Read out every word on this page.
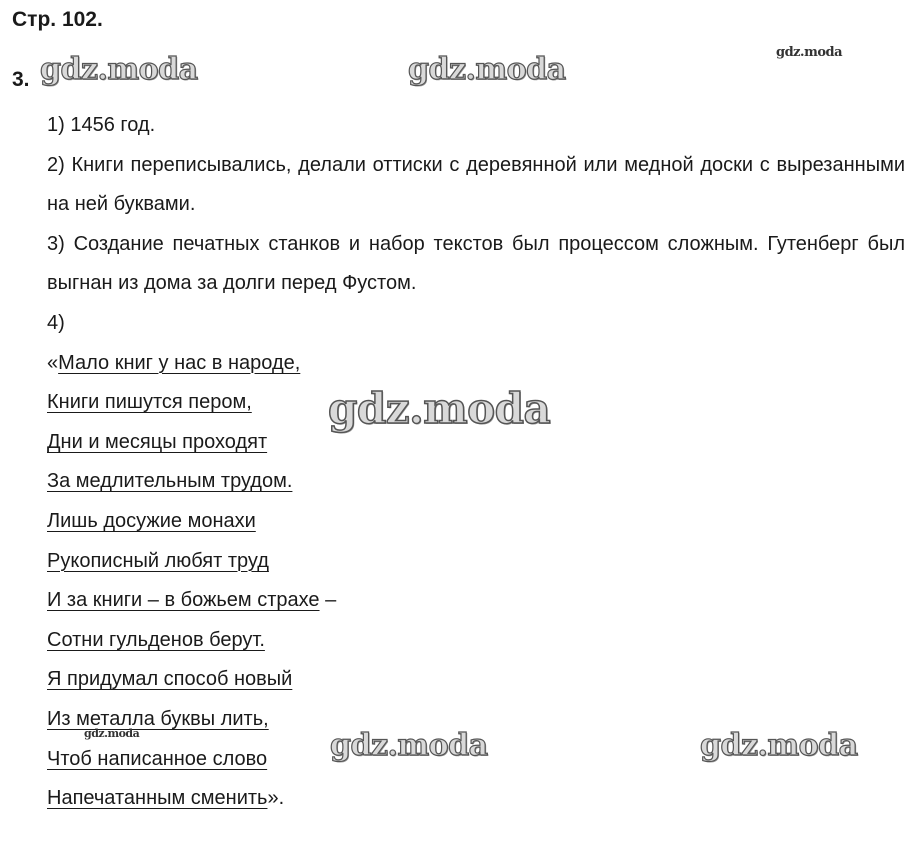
Стр. 102.
3.

1) 1456 год.

2) Книги переписывались, делали оттиски с деревянной или медной доски с вырезанными на ней буквами.

3) Создание печатных станков и набор текстов был процессом сложным. Гутенберг был выгнан из дома за долги перед Фустом.

4)

«Мало книг у нас в народе,
Книги пишутся пером,
Дни и месяцы проходят
За медлительным трудом.
Лишь досужие монахи
Рукописный любят труд
И за книги – в божьем страхе –
Сотни гульденов берут.
Я придумал способ новый
Из металла буквы лить,
Чтоб написанное слово
Напечатанным сменить».
gdz.moda	gdz.moda	gdz.moda
gdz.moda
gdz.moda	gdz.moda	gdz.moda
